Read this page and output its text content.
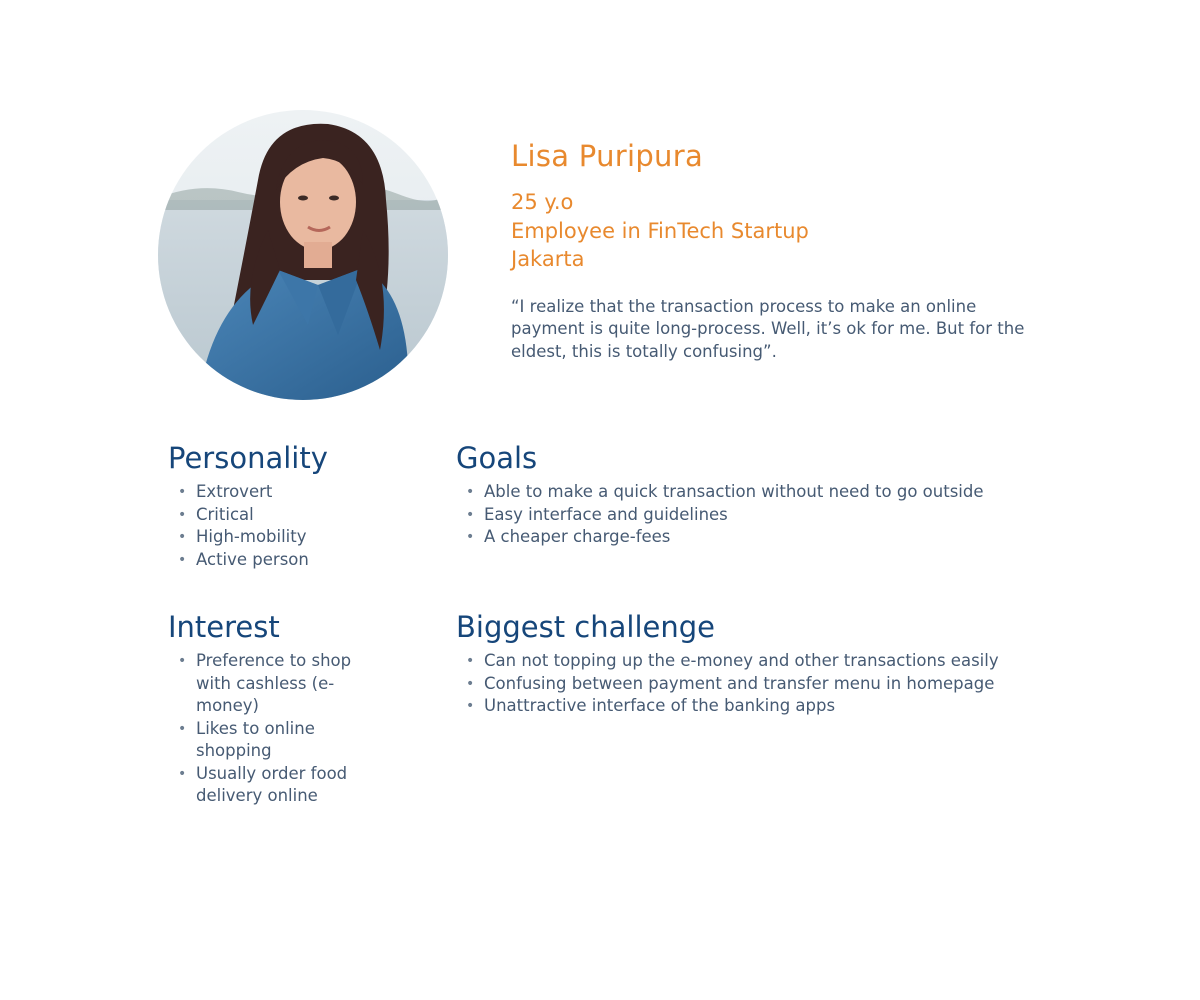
Lisa Puripura
25 y.o
Employee in FinTech Startup
Jakarta
“I realize that the transaction process to make an online payment is quite long-process. Well, it’s ok for me. But for the eldest, this is totally confusing”.
Personality
• Extrovert
• Critical
• High-mobility
• Active person
Goals
• Able to make a quick transaction without need to go outside
• Easy interface and guidelines
• A cheaper charge-fees
Interest
• Preference to shop with cashless (e-money)
• Likes to online shopping
• Usually order food delivery online
Biggest challenge
• Can not topping up the e-money and other transactions easily
• Confusing between payment and transfer menu in homepage
• Unattractive interface of the banking apps
